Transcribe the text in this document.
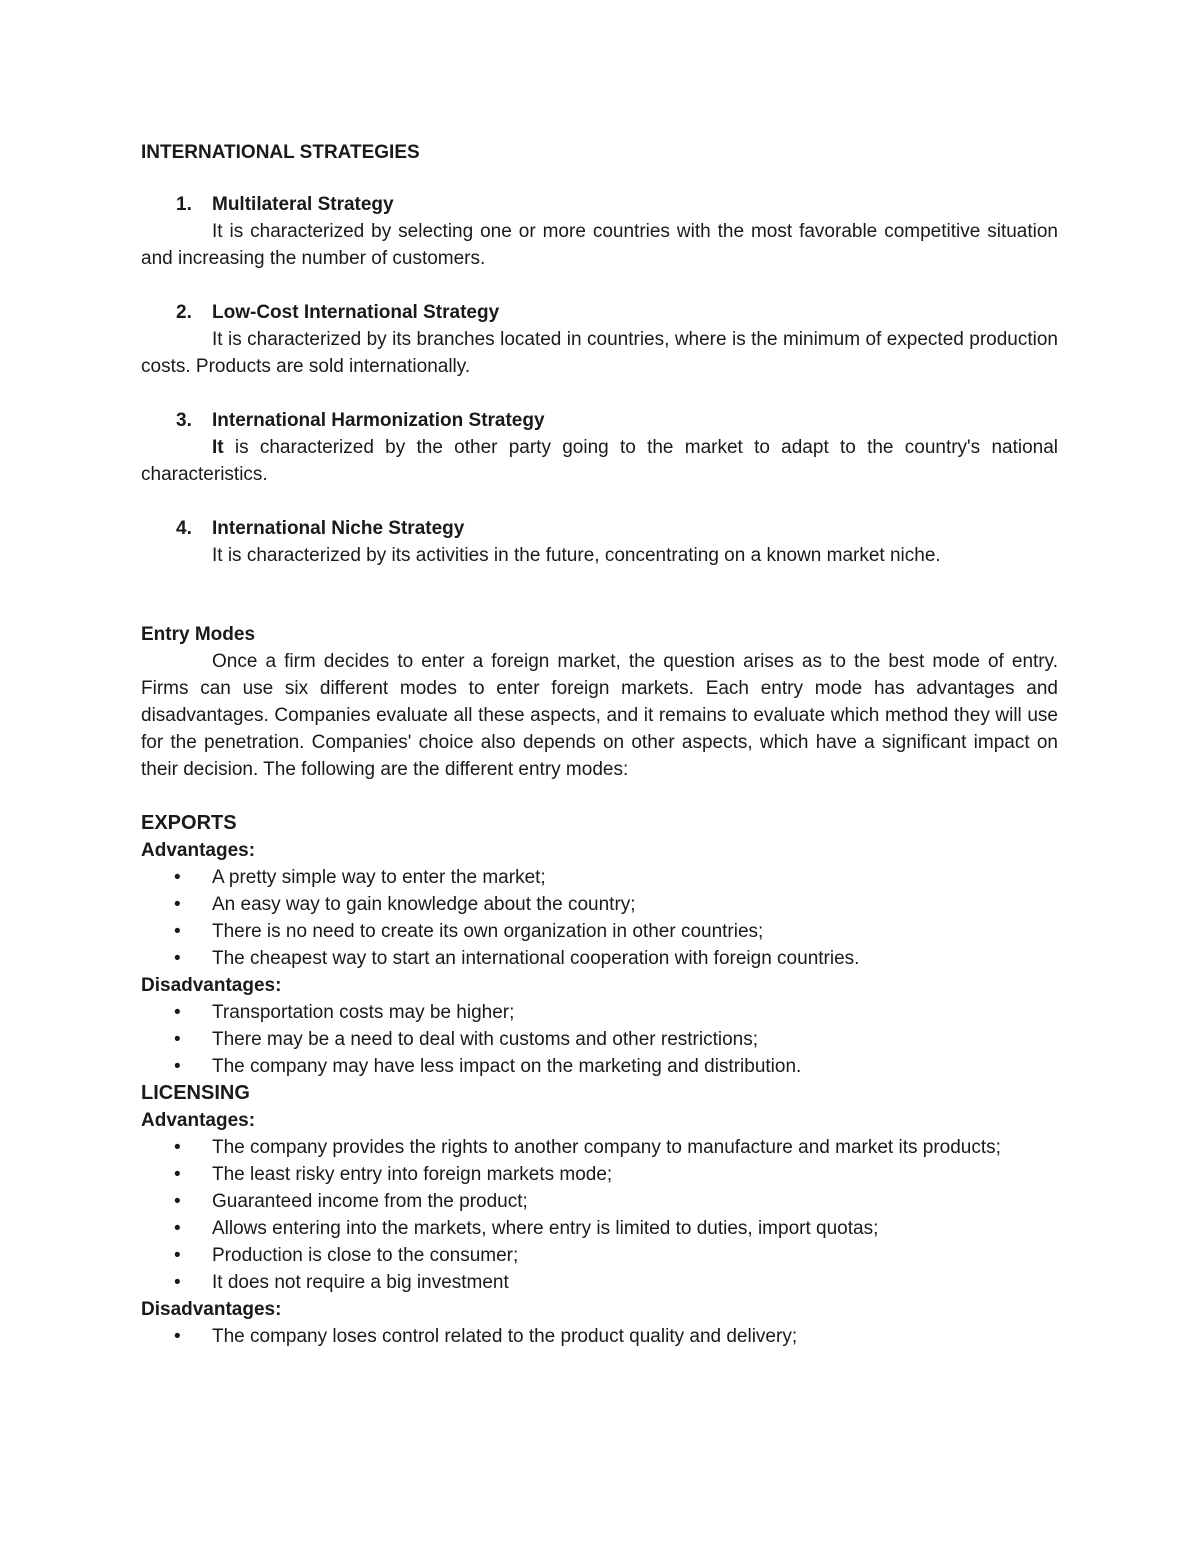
INTERNATIONAL STRATEGIES

1.	Multilateral Strategy

It is characterized by selecting one or more countries with the most favorable competitive situation and increasing the number of customers.

2.	Low-Cost International Strategy

It is characterized by its branches located in countries, where is the minimum of expected production costs. Products are sold internationally.

3.	International Harmonization Strategy

It is characterized by the other party going to the market to adapt to the country's national characteristics.

4.	International Niche Strategy

It is characterized by its activities in the future, concentrating on a known market niche.

Entry Modes

Once a firm decides to enter a foreign market, the question arises as to the best mode of entry. Firms can use six different modes to enter foreign markets. Each entry mode has advantages and disadvantages. Companies evaluate all these aspects, and it remains to evaluate which method they will use for the penetration. Companies' choice also depends on other aspects, which have a significant impact on their decision. The following are the different entry modes:

EXPORTS

Advantages:

• A pretty simple way to enter the market;
• An easy way to gain knowledge about the country;
• There is no need to create its own organization in other countries;
• The cheapest way to start an international cooperation with foreign countries.

Disadvantages:

• Transportation costs may be higher;
• There may be a need to deal with customs and other restrictions;
• The company may have less impact on the marketing and distribution.

LICENSING

Advantages:

• The company provides the rights to another company to manufacture and market its products;
• The least risky entry into foreign markets mode;
• Guaranteed income from the product;
• Allows entering into the markets, where entry is limited to duties, import quotas;
• Production is close to the consumer;
• It does not require a big investment

Disadvantages:

• The company loses control related to the product quality and delivery;
